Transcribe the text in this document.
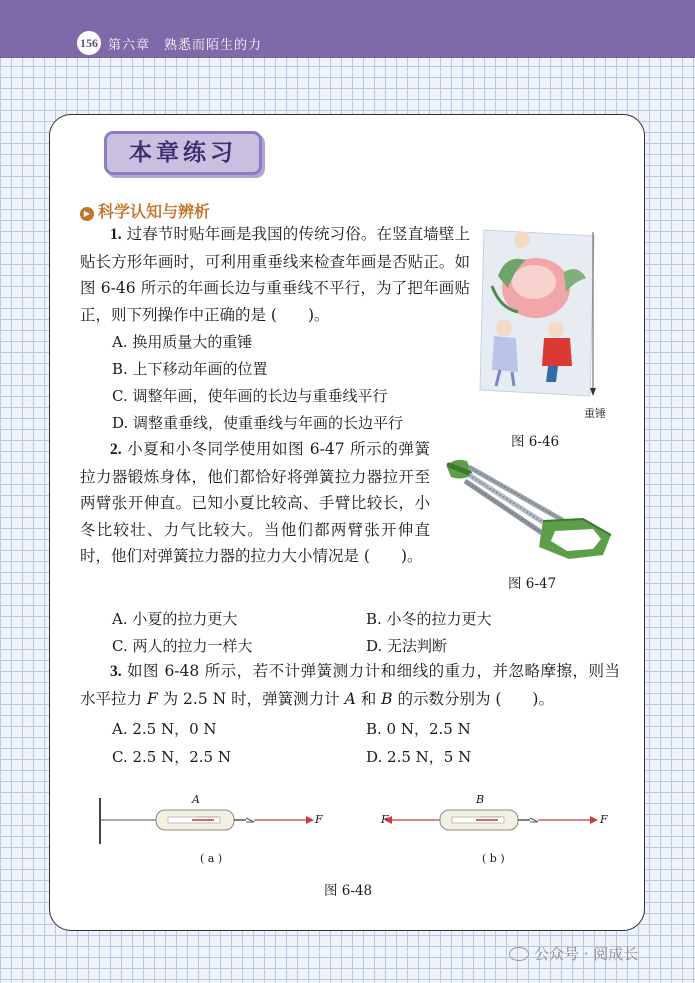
156 第六章　熟悉而陌生的力
本章练习
▶ 科学认知与辨析
1. 过春节时贴年画是我国的传统习俗。在竖直墙壁上贴长方形年画时，可利用重垂线来检查年画是否贴正。如图 6-46 所示的年画长边与重垂线不平行，为了把年画贴正，则下列操作中正确的是 (　　)。
A. 换用质量大的重锤
B. 上下移动年画的位置
C. 调整年画，使年画的长边与重垂线平行
D. 调整重垂线，使重垂线与年画的长边平行
重锤
图 6-46
2. 小夏和小冬同学使用如图 6-47 所示的弹簧拉力器锻炼身体，他们都恰好将弹簧拉力器拉开至两臂张开伸直。已知小夏比较高、手臂比较长，小冬比较壮、力气比较大。当他们都两臂张开伸直时，他们对弹簧拉力器的拉力大小情况是 (　　)。
图 6-47
A. 小夏的拉力更大	B. 小冬的拉力更大
C. 两人的拉力一样大	D. 无法判断
3. 如图 6-48 所示，若不计弹簧测力计和细线的重力，并忽略摩擦，则当水平拉力 F 为 2.5 N 时，弹簧测力计 A 和 B 的示数分别为 (　　)。
A. 2.5 N，0 N	B. 0 N，2.5 N
C. 2.5 N，2.5 N	D. 2.5 N，5 N
A
F
( a )
B
F	F
( b )
图 6-48
公众号 · 阅成长
